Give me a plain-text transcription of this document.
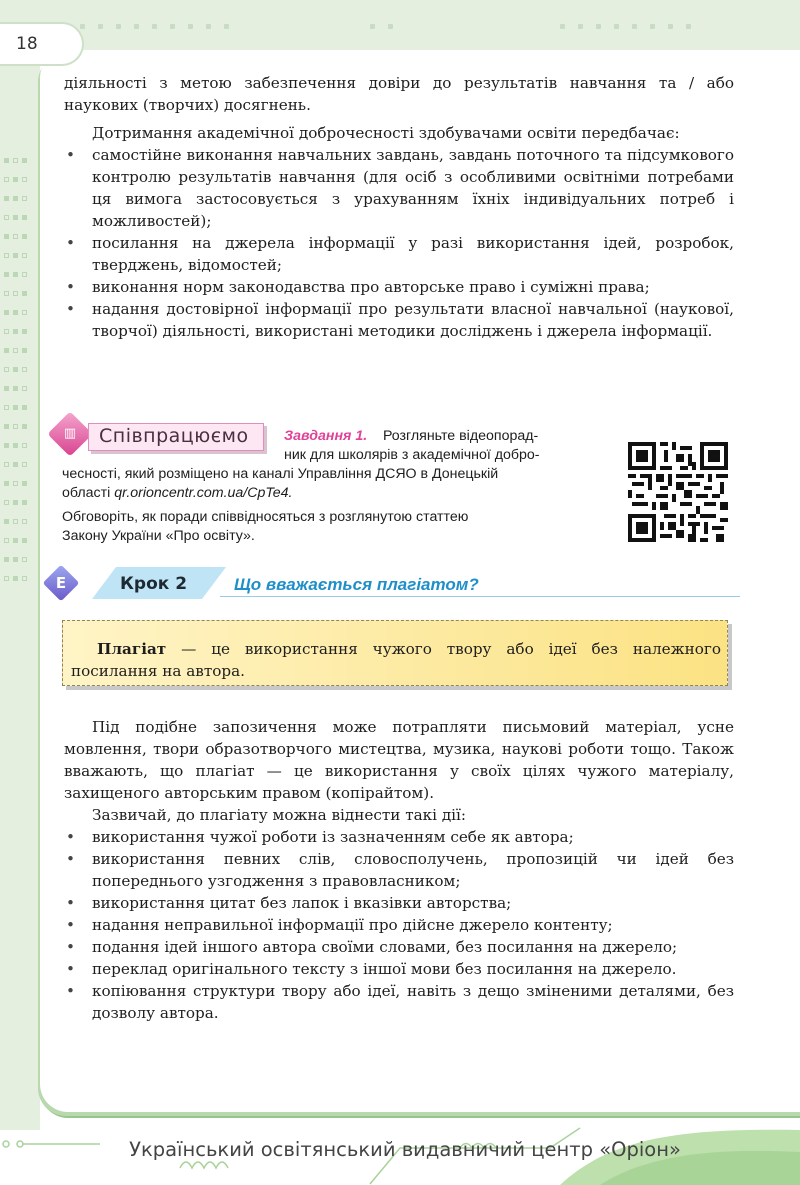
18

діяльності з метою забезпечення довіри до результатів навчання та / або наукових (творчих) досягнень.

Дотримання академічної доброчесності здобувачами освіти передбачає:

• самостійне виконання навчальних завдань, завдань поточного та підсумкового контролю результатів навчання (для осіб з особливими освітніми потребами ця вимога застосовується з урахуванням їхніх індивідуальних потреб і можливостей);
• посилання на джерела інформації у разі використання ідей, розробок, тверджень, відомостей;
• виконання норм законодавства про авторське право і суміжні права;
• надання достовірної інформації про результати власної навчальної (наукової, творчої) діяльності, використані методики досліджень і джерела інформації.
▥	Співпрацюємо	Завдання 1. Розгляньте відеопорад-
ник для школярів з академічної добро-
чесності, який розміщено на каналі Управління ДСЯО в Донецькій
області qr.orioncentr.com.ua/CpTe4.
Обговоріть, як поради співвідносяться з розглянутою статтею
Закону України «Про освіту».
E	Крок 2	Що вважається плагіатом?
Плагіат — це використання чужого твору або ідеї без належного посилання на автора.

Під подібне запозичення може потрапляти письмовий матеріал, усне мовлення, твори образотворчого мистецтва, музика, наукові роботи тощо. Також вважають, що плагіат — це використання у своїх цілях чужого матеріалу, захищеного авторським правом (копірайтом).

Зазвичай, до плагіату можна віднести такі дії:

• використання чужої роботи із зазначенням себе як автора;
• використання певних слів, словосполучень, пропозицій чи ідей без попереднього узгодження з правовласником;
• використання цитат без лапок і вказівки авторства;
• надання неправильної інформації про дійсне джерело контенту;
• подання ідей іншого автора своїми словами, без посилання на джерело;
• переклад оригінального тексту з іншої мови без посилання на джерело.
• копіювання структури твору або ідеї, навіть з дещо зміненими деталями, без дозволу автора.
Український освітянський видавничий центр «Оріон»
